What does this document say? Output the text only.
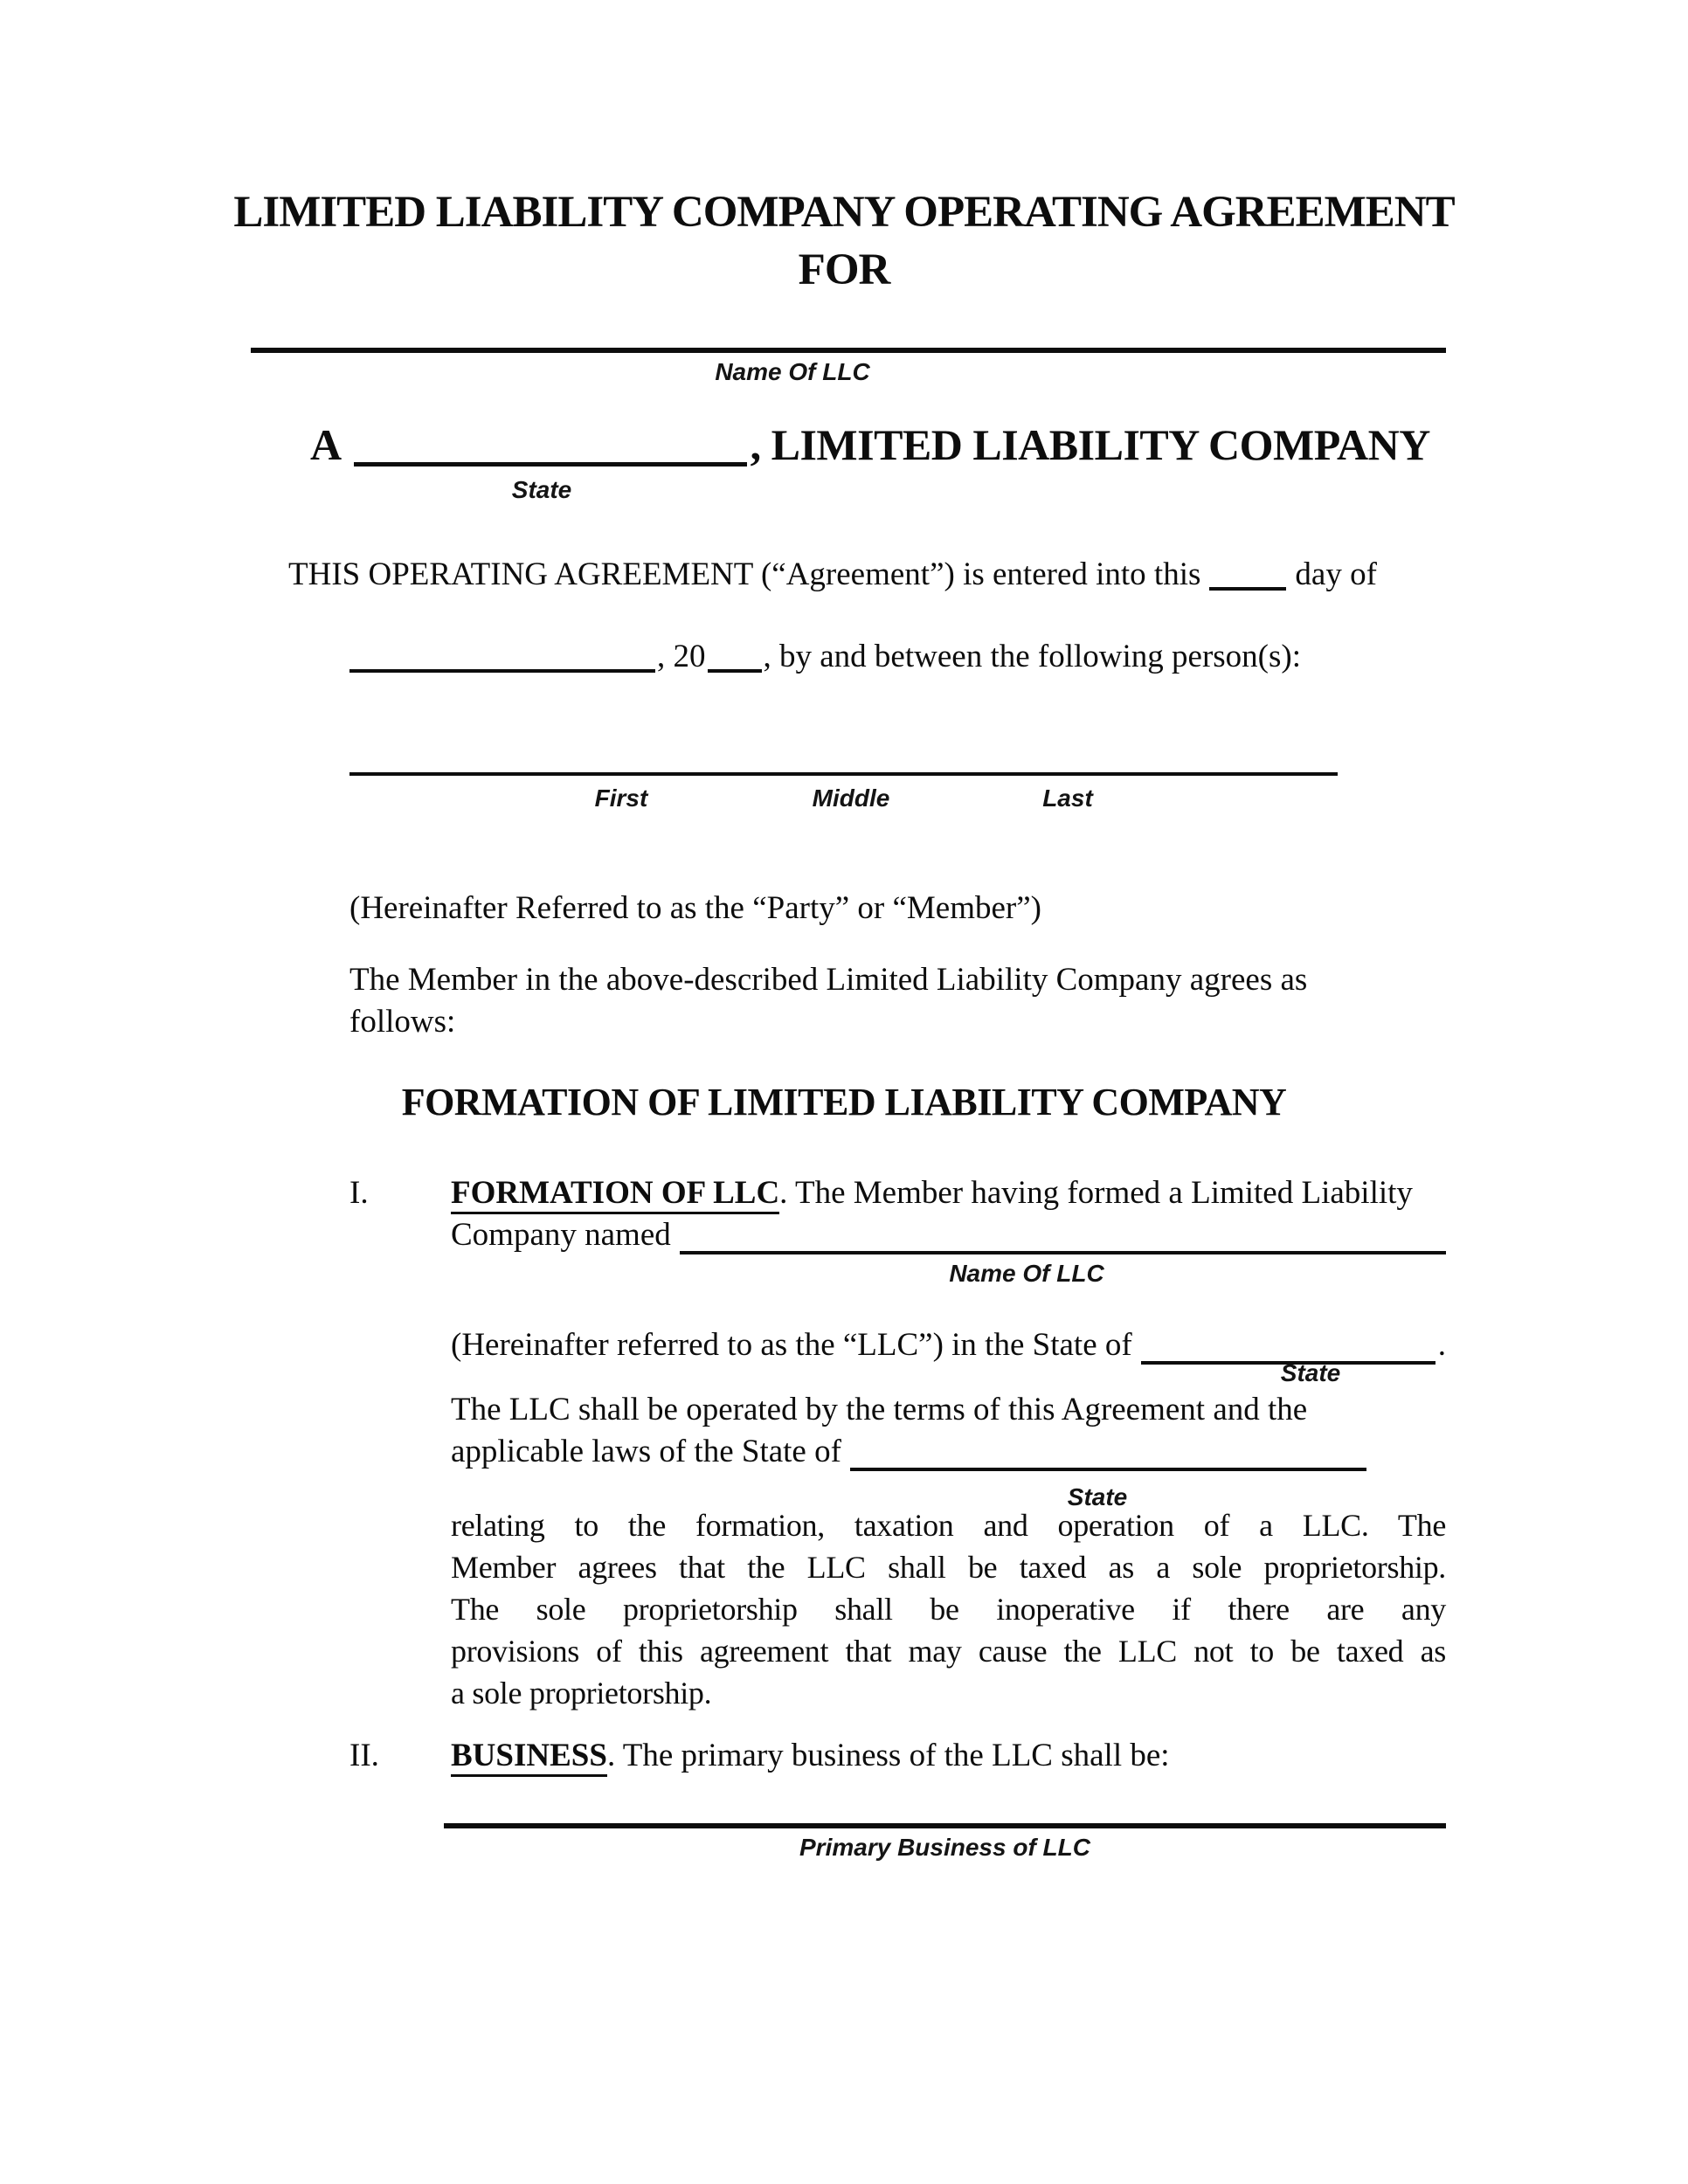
LIMITED LIABILITY COMPANY OPERATING AGREEMENT
FOR
Name Of LLC
A	, LIMITED LIABILITY COMPANY
State
THIS OPERATING AGREEMENT (“Agreement”) is entered into this	day of
, 20 , by and between the following person(s):
First	Middle	Last
(Hereinafter Referred to as the “Party” or “Member”)
The Member in the above-described Limited Liability Company agrees as
follows:
FORMATION OF LIMITED LIABILITY COMPANY
I.	FORMATION OF LLC. The Member having formed a Limited Liability
Company named
Name Of LLC
(Hereinafter referred to as the “LLC”) in the State of	.
State
The LLC shall be operated by the terms of this Agreement and the
applicable laws of the State of
State
relating to the formation, taxation and operation of a LLC. The
Member agrees that the LLC shall be taxed as a sole proprietorship.
The sole proprietorship shall be inoperative if there are any
provisions of this agreement that may cause the LLC not to be taxed as
a sole proprietorship.
II. BUSINESS. The primary business of the LLC shall be:
Primary Business of LLC
